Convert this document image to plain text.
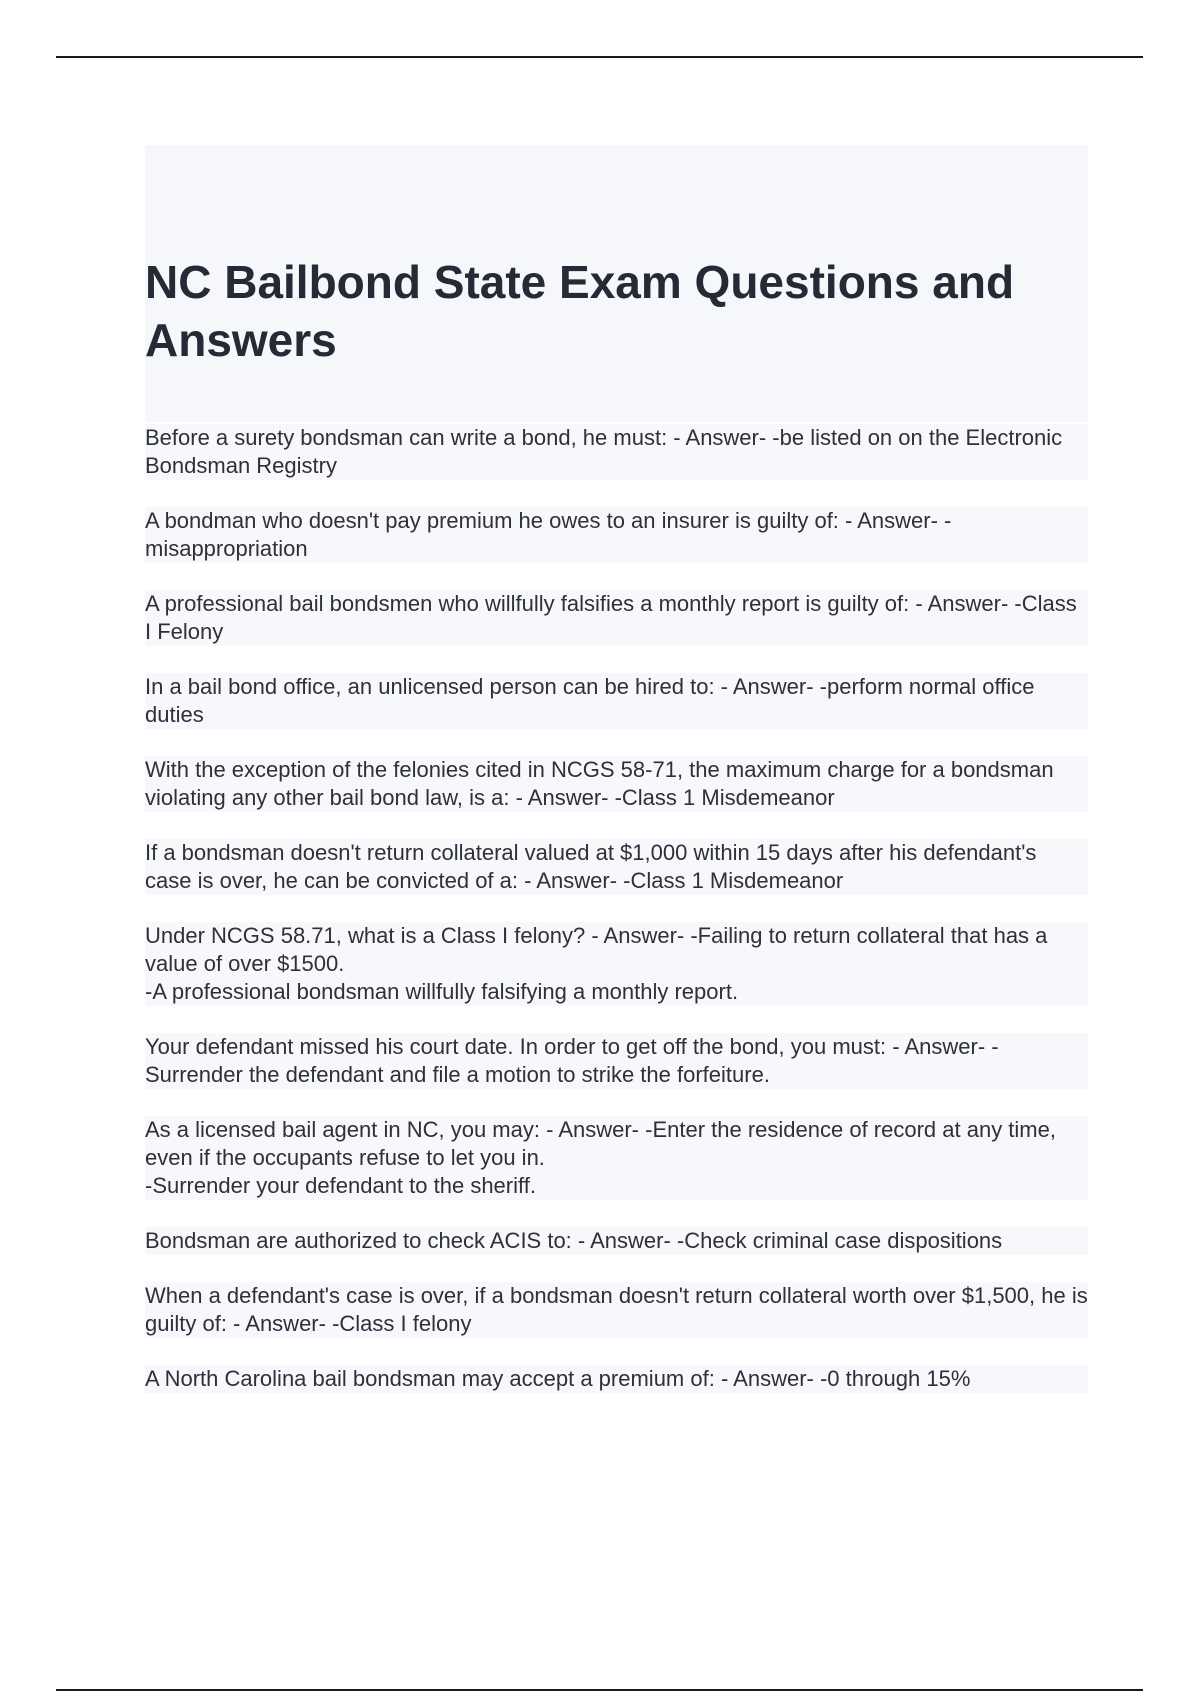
NC Bailbond State Exam Questions and Answers

Before a surety bondsman can write a bond, he must: - Answer- -be listed on on the Electronic Bondsman Registry

A bondman who doesn't pay premium he owes to an insurer is guilty of: - Answer- - misappropriation

A professional bail bondsmen who willfully falsifies a monthly report is guilty of: - Answer- -Class I Felony

In a bail bond office, an unlicensed person can be hired to: - Answer- -perform normal office duties

With the exception of the felonies cited in NCGS 58-71, the maximum charge for a bondsman violating any other bail bond law, is a: - Answer- -Class 1 Misdemeanor

If a bondsman doesn't return collateral valued at $1,000 within 15 days after his defendant's case is over, he can be convicted of a: - Answer- -Class 1 Misdemeanor

Under NCGS 58.71, what is a Class I felony? - Answer- -Failing to return collateral that has a value of over $1500.
-A professional bondsman willfully falsifying a monthly report.

Your defendant missed his court date. In order to get off the bond, you must: - Answer- - Surrender the defendant and file a motion to strike the forfeiture.

As a licensed bail agent in NC, you may: - Answer- -Enter the residence of record at any time, even if the occupants refuse to let you in.
-Surrender your defendant to the sheriff.

Bondsman are authorized to check ACIS to: - Answer- -Check criminal case dispositions

When a defendant's case is over, if a bondsman doesn't return collateral worth over $1,500, he is guilty of: - Answer- -Class I felony

A North Carolina bail bondsman may accept a premium of: - Answer- -0 through 15%
